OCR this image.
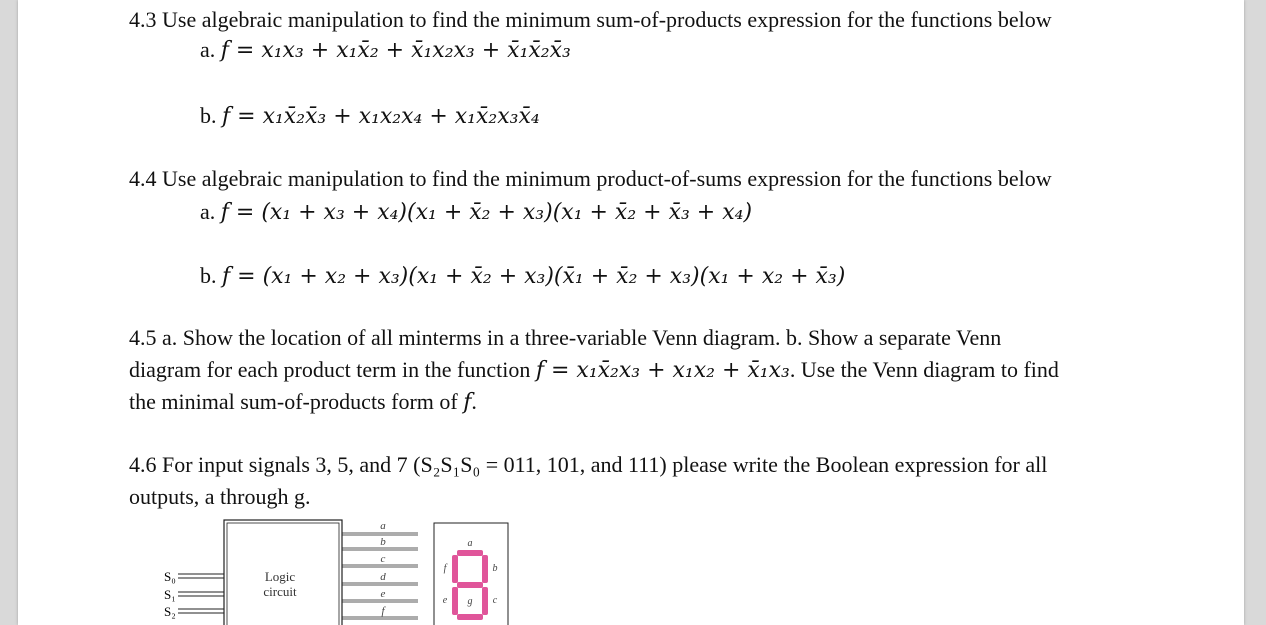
4.3 Use algebraic manipulation to find the minimum sum-of-products expression for the functions below
a. f = x₁x₃ + x₁x̄₂ + x̄₁x₂x₃ + x̄₁x̄₂x̄₃
b. f = x₁x̄₂x̄₃ + x₁x₂x₄ + x₁x̄₂x₃x̄₄
4.4 Use algebraic manipulation to find the minimum product-of-sums expression for the functions below
a. f = (x₁ + x₃ + x₄)(x₁ + x̄₂ + x₃)(x₁ + x̄₂ + x̄₃ + x₄)
b. f = (x₁ + x₂ + x₃)(x₁ + x̄₂ + x₃)(x̄₁ + x̄₂ + x₃)(x₁ + x₂ + x̄₃)
4.5 a. Show the location of all minterms in a three-variable Venn diagram. b. Show a separate Venn
diagram for each product term in the function f = x₁x̄₂x₃ + x₁x₂ + x̄₁x₃. Use the Venn diagram to find
the minimal sum-of-products form of f.
4.6 For input signals 3, 5, and 7 (S₂S₁S₀ = 011, 101, and 111) please write the Boolean expression for all
outputs, a through g.
S₀
S₁
S₂
Logic
circuit
a
b
c
d
e
f
a
b
f
g c
e
